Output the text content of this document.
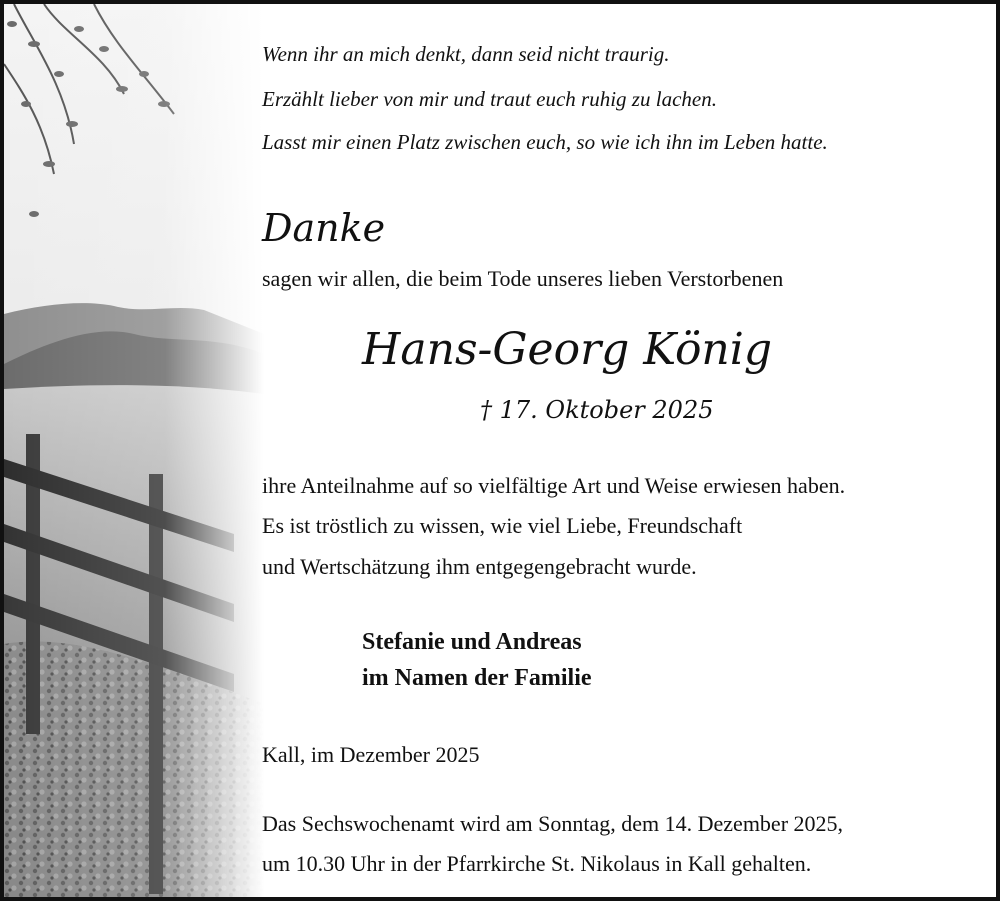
Wenn ihr an mich denkt, dann seid nicht traurig.
Erzählt lieber von mir und traut euch ruhig zu lachen.
Lasst mir einen Platz zwischen euch, so wie ich ihn im Leben hatte.
Danke
sagen wir allen, die beim Tode unseres lieben Verstorbenen
Hans-Georg König
† 17. Oktober 2025
ihre Anteilnahme auf so vielfältige Art und Weise erwiesen haben.
Es ist tröstlich zu wissen, wie viel Liebe, Freundschaft
und Wertschätzung ihm entgegengebracht wurde.
Stefanie und Andreas
im Namen der Familie
Kall, im Dezember 2025
Das Sechswochenamt wird am Sonntag, dem 14. Dezember 2025,
um 10.30 Uhr in der Pfarrkirche St. Nikolaus in Kall gehalten.
